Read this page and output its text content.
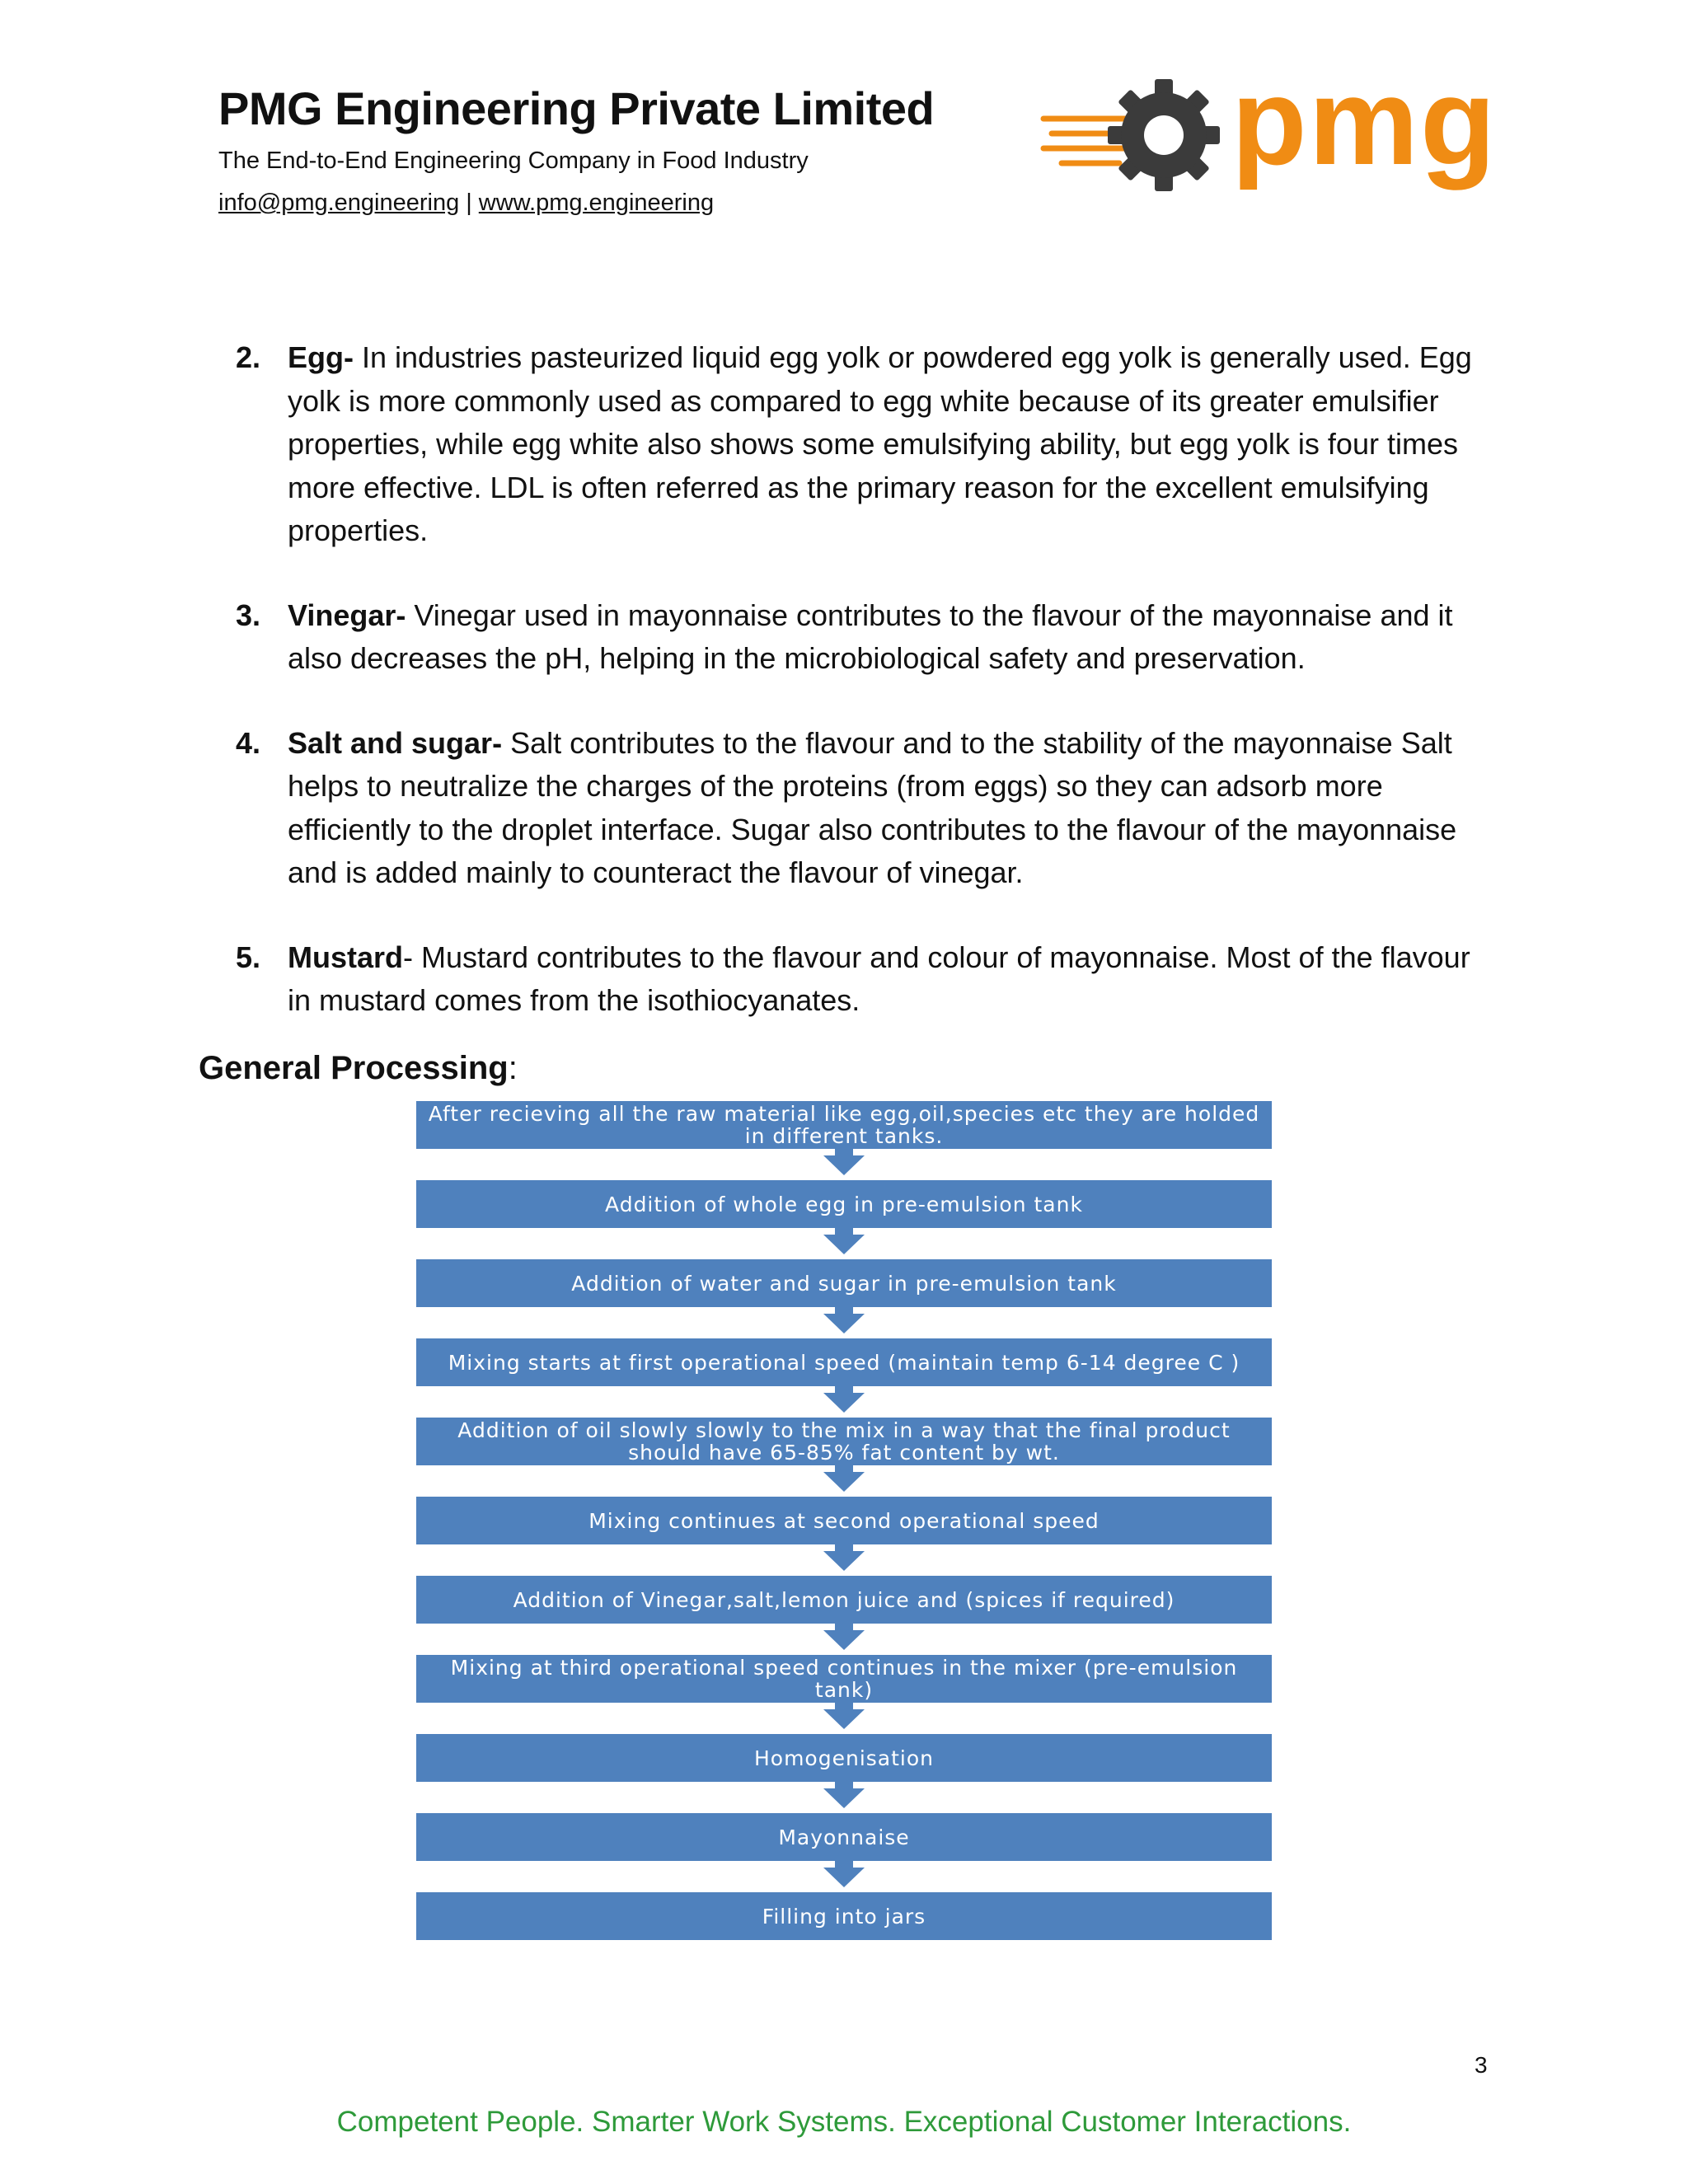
PMG Engineering Private Limited
The End-to-End Engineering Company in Food Industry
info@pmg.engineering | www.pmg.engineering
pmg
2. Egg- In industries pasteurized liquid egg yolk or powdered egg yolk is generally used. Egg yolk is more commonly used as compared to egg white because of its greater emulsifier properties, while egg white also shows some emulsifying ability, but egg yolk is four times more effective. LDL is often referred as the primary reason for the excellent emulsifying properties.
3. Vinegar- Vinegar used in mayonnaise contributes to the flavour of the mayonnaise and it also decreases the pH, helping in the microbiological safety and preservation.
4. Salt and sugar- Salt contributes to the flavour and to the stability of the mayonnaise Salt helps to neutralize the charges of the proteins (from eggs) so they can adsorb more efficiently to the droplet interface. Sugar also contributes to the flavour of the mayonnaise and is added mainly to counteract the flavour of vinegar.
5. Mustard- Mustard contributes to the flavour and colour of mayonnaise. Most of the flavour in mustard comes from the isothiocyanates.
General Processing:
After recieving all the raw material like egg,oil,species etc they are holded in different tanks.
Addition of whole egg in pre-emulsion tank
Addition of water and sugar in pre-emulsion tank
Mixing starts at first operational speed (maintain temp 6-14 degree C )
Addition of oil slowly slowly to the mix in a way that the final product should have 65-85% fat content by wt.
Mixing continues at second operational speed
Addition of Vinegar,salt,lemon juice and (spices if required)
Mixing at third operational speed continues in the mixer (pre-emulsion tank)
Homogenisation
Mayonnaise
Filling into jars
3
Competent People. Smarter Work Systems. Exceptional Customer Interactions.
